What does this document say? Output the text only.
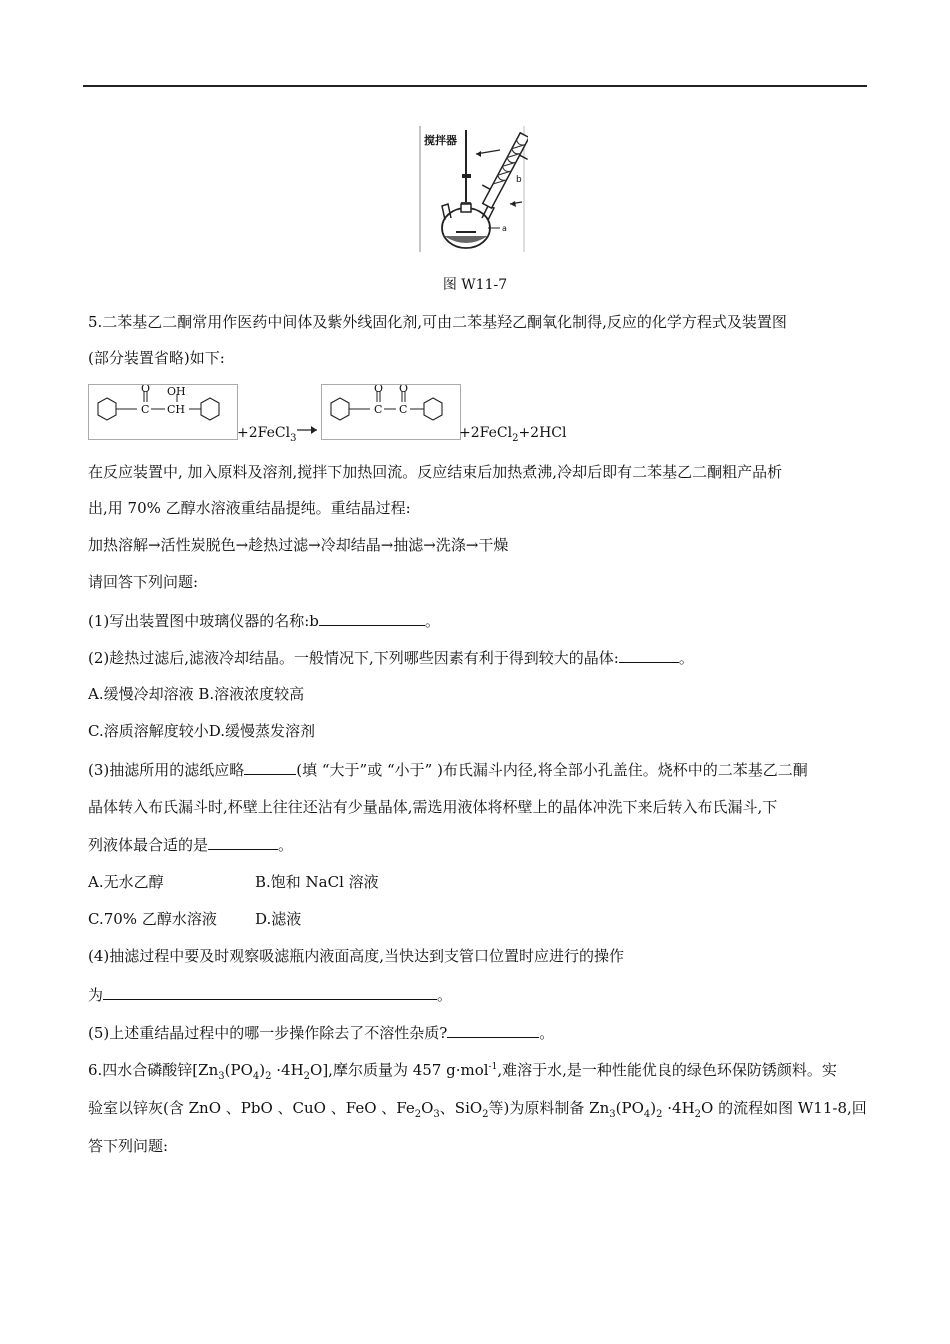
搅拌器
b
a
图 W11-7
5.二苯基乙二酮常用作医药中间体及紫外线固化剂,可由二苯基羟乙酮氧化制得,反应的化学方程式及装置图
(部分装置省略)如下:
O OH
C CH
+2FeCl$_3$
O O
C C
+2FeCl$_2$+2HCl
在反应装置中, 加入原料及溶剂,搅拌下加热回流。反应结束后加热煮沸,冷却后即有二苯基乙二酮粗产品析
出,用 70% 乙醇水溶液重结晶提纯。重结晶过程:
加热溶解→活性炭脱色→趁热过滤→冷却结晶→抽滤→洗涤→干燥
请回答下列问题:
(1)写出装置图中玻璃仪器的名称:b	。
(2)趁热过滤后,滤液冷却结晶。一般情况下,下列哪些因素有利于得到较大的晶体:	。
A.缓慢冷却溶液 B.溶液浓度较高
C.溶质溶解度较小D.缓慢蒸发溶剂
(3)抽滤所用的滤纸应略	(填 “大于”或 “小于” )布氏漏斗内径,将全部小孔盖住。烧杯中的二苯基乙二酮
晶体转入布氏漏斗时,杯壁上往往还沾有少量晶体,需选用液体将杯壁上的晶体冲洗下来后转入布氏漏斗,下
列液体最合适的是	。
A.无水乙醇	B.饱和 NaCl 溶液
C.70% 乙醇水溶液	D.滤液
(4)抽滤过程中要及时观察吸滤瓶内液面高度,当快达到支管口位置时应进行的操作
为	。
(5)上述重结晶过程中的哪一步操作除去了不溶性杂质?	。
6.四水合磷酸锌$[Zn_3(PO_4)_2 \cdot 4H_2O]$,摩尔质量为 457 g·mol$^{-1}$,难溶于水,是一种性能优良的绿色环保防锈颜料。实
验室以锌灰(含 ZnO 、PbO 、CuO 、FeO 、$Fe_2O_3$、SiO$_2$等)为原料制备 $Zn_3(PO_4)_2 \cdot 4H_2O$ 的流程如图 W11-8,回
答下列问题:
